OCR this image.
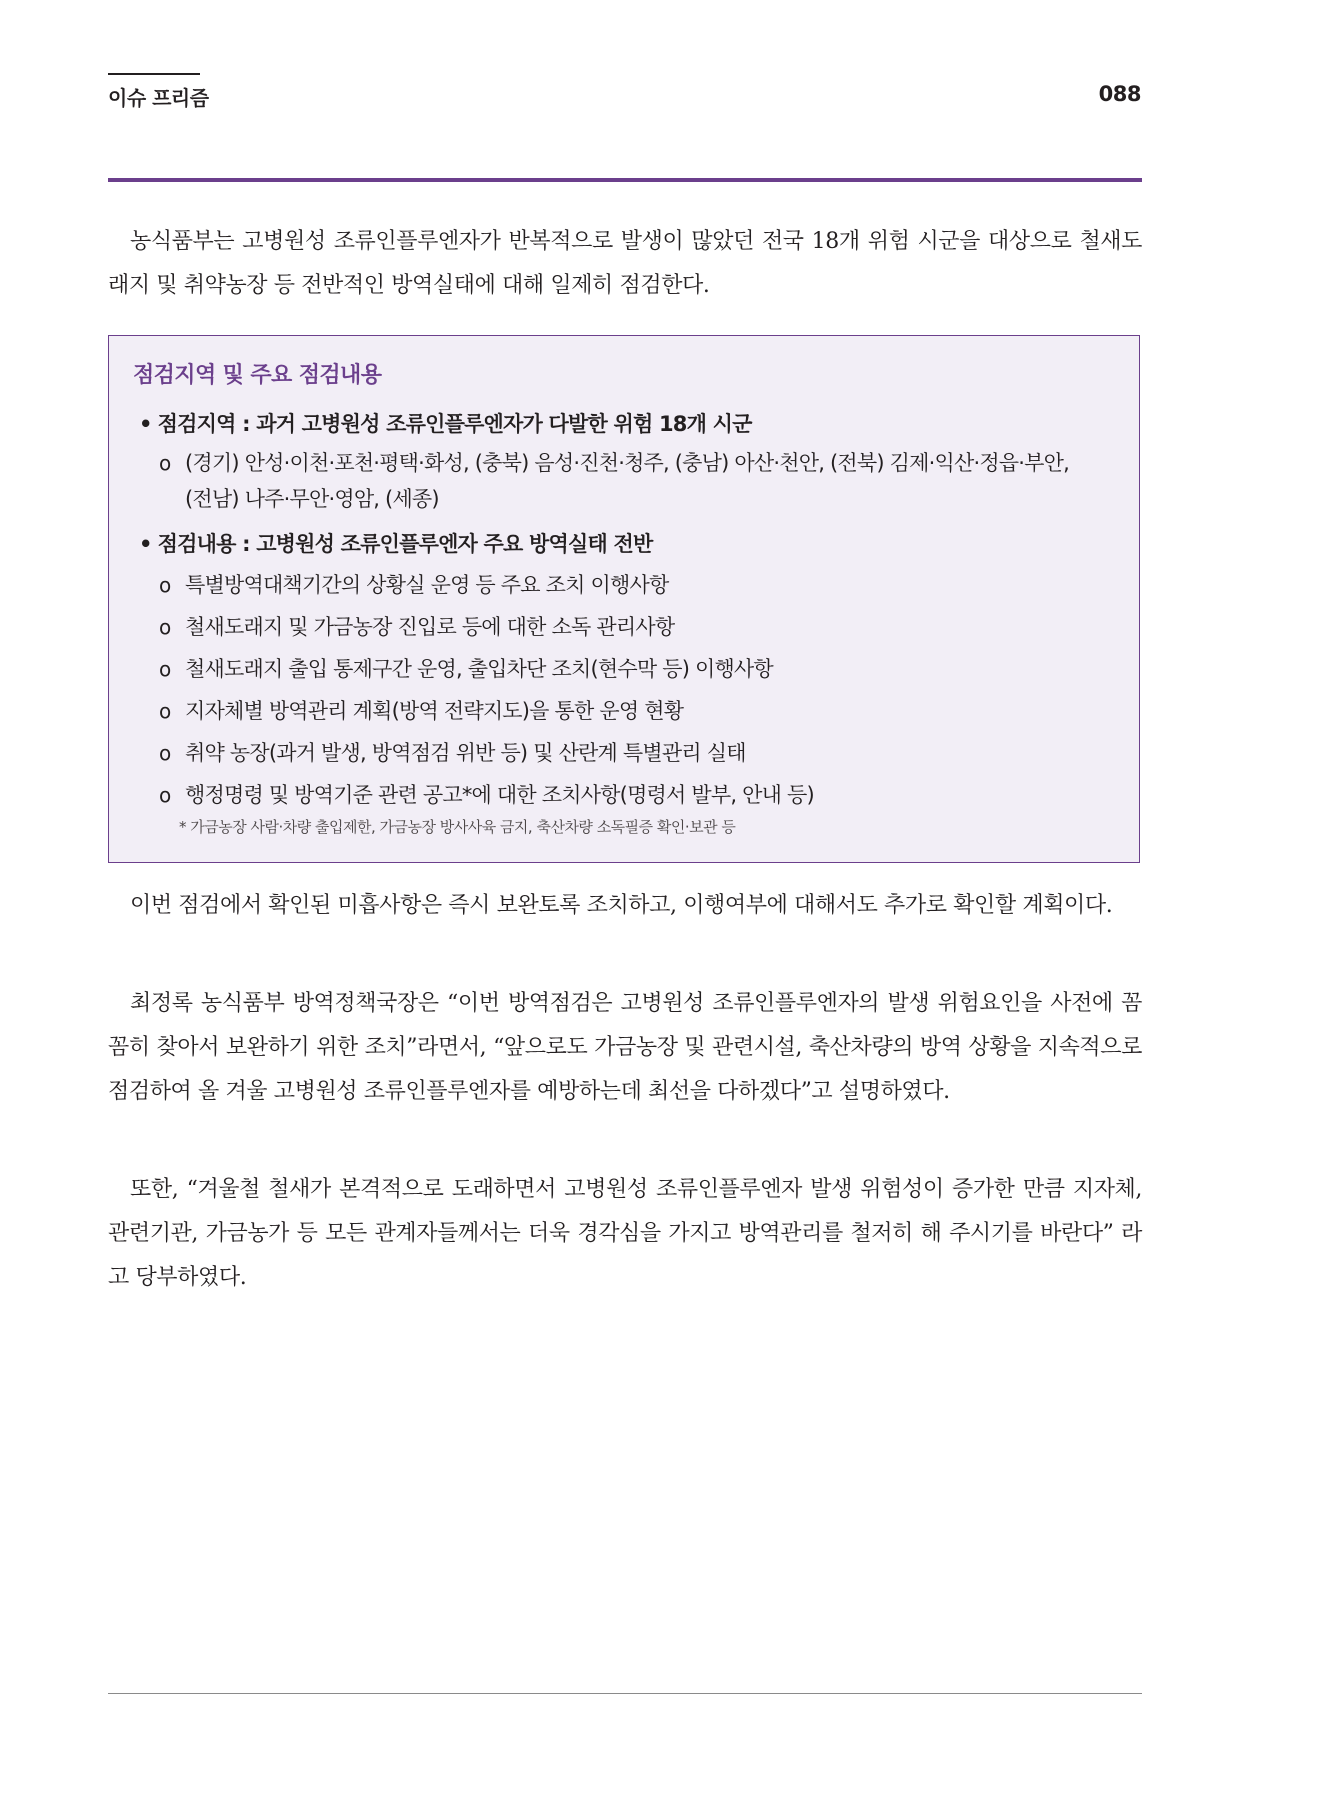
이슈 프리즘	088

농식품부는 고병원성 조류인플루엔자가 반복적으로 발생이 많았던 전국 18개 위험 시군을 대상으로 철새도래지 및 취약농장 등 전반적인 방역실태에 대해 일제히 점검한다.

점검지역 및 주요 점검내용
• 점검지역 : 과거 고병원성 조류인플루엔자가 다발한 위험 18개 시군
ο (경기) 안성·이천·포천·평택·화성, (충북) 음성·진천·청주, (충남) 아산·천안, (전북) 김제·익산·정읍·부안,
(전남) 나주·무안·영암, (세종)
• 점검내용 : 고병원성 조류인플루엔자 주요 방역실태 전반
ο 특별방역대책기간의 상황실 운영 등 주요 조치 이행사항
ο 철새도래지 및 가금농장 진입로 등에 대한 소독 관리사항
ο 철새도래지 출입 통제구간 운영, 출입차단 조치(현수막 등) 이행사항
ο 지자체별 방역관리 계획(방역 전략지도)을 통한 운영 현황
ο 취약 농장(과거 발생, 방역점검 위반 등) 및 산란계 특별관리 실태
ο 행정명령 및 방역기준 관련 공고*에 대한 조치사항(명령서 발부, 안내 등)
* 가금농장 사람·차량 출입제한, 가금농장 방사사육 금지, 축산차량 소독필증 확인·보관 등

이번 점검에서 확인된 미흡사항은 즉시 보완토록 조치하고, 이행여부에 대해서도 추가로 확인할 계획이다.

최정록 농식품부 방역정책국장은 “이번 방역점검은 고병원성 조류인플루엔자의 발생 위험요인을 사전에 꼼꼼히 찾아서 보완하기 위한 조치”라면서, “앞으로도 가금농장 및 관련시설, 축산차량의 방역 상황을 지속적으로 점검하여 올 겨울 고병원성 조류인플루엔자를 예방하는데 최선을 다하겠다”고 설명하였다.

또한, “겨울철 철새가 본격적으로 도래하면서 고병원성 조류인플루엔자 발생 위험성이 증가한 만큼 지자체, 관련기관, 가금농가 등 모든 관계자들께서는 더욱 경각심을 가지고 방역관리를 철저히 해 주시기를 바란다” 라고 당부하였다.
